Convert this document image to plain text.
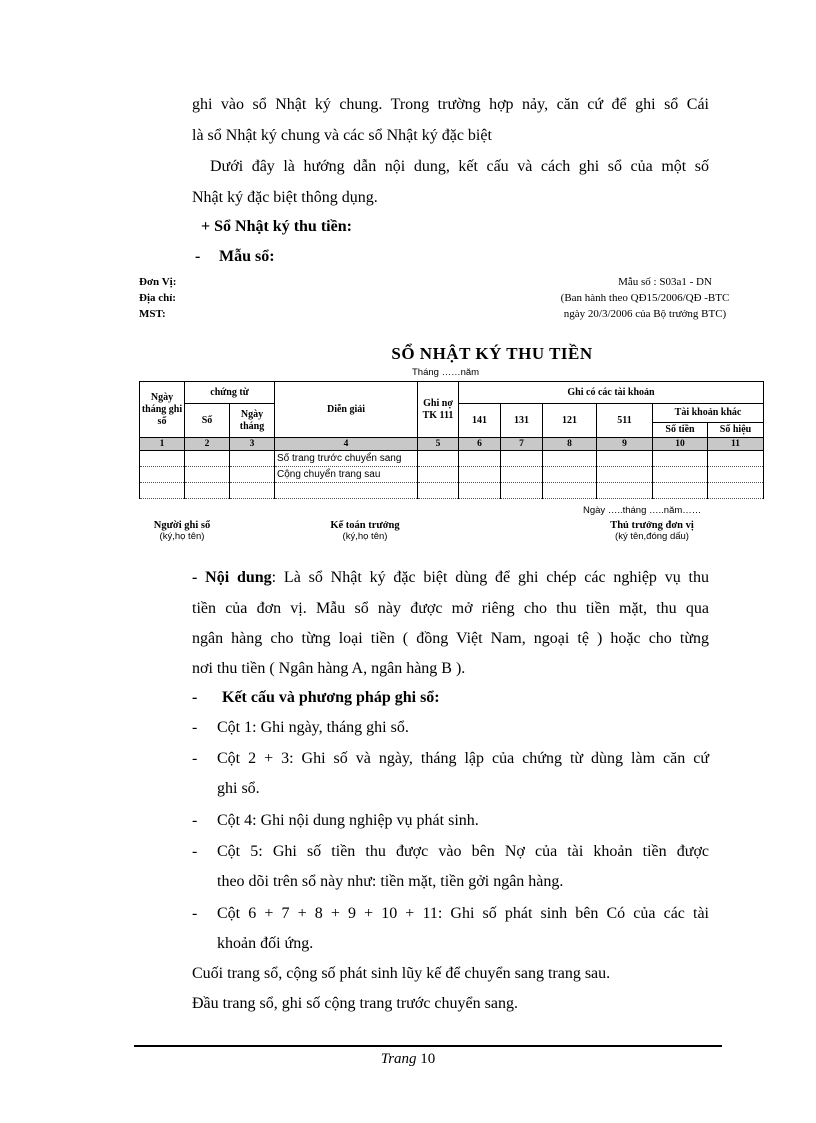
ghi vào sổ Nhật ký chung. Trong trường hợp nảy, căn cứ để ghi sổ Cái
là sổ Nhật ký chung và các sổ Nhật ký đặc biệt
Dưới đây là hướng dẫn nội dung, kết cấu và cách ghi sổ của một số
Nhật ký đặc biệt thông dụng.
+ Sổ Nhật ký thu tiền:
- Mẫu sổ:
Đơn Vị:
Địa chỉ:
MST:
Mẫu số : S03a1 - DN
(Ban hành theo QĐ15/2006/QĐ -BTC
ngày 20/3/2006 của Bộ trưởng BTC)
SỔ NHẬT KÝ THU TIỀN
Tháng ……năm
Ngày tháng ghi sổ	chứng từ		Diễn giải	Ghi nợ TK 111	Ghi có các tài khoản					
	Số	Ngày tháng			141	131	121	511	Tài khoản khác	
									Số tiền	Số hiệu
1	2	3	4	5	6	7	8	9	10	11
			Số trang trước chuyển sang							
			Cộng chuyển trang sau							

Ngày …..tháng …..năm……
Người ghi sổ
(ký,họ tên)
Kế toán trưởng
(ký,họ tên)
Thủ trưởng đơn vị
(ký tên,đóng dấu)
- Nội dung: Là sổ Nhật ký đặc biệt dùng để ghi chép các nghiệp vụ thu
tiền của đơn vị. Mẫu sổ này được mở riêng cho thu tiền mặt, thu qua
ngân hàng cho từng loại tiền ( đồng Việt Nam, ngoại tệ ) hoặc cho từng
nơi thu tiền ( Ngân hàng A, ngân hàng B ).
- Kết cấu và phương pháp ghi sổ:
- Cột 1: Ghi ngày, tháng ghi sổ.
- Cột 2 + 3: Ghi số và ngày, tháng lập của chứng từ dùng làm căn cứ
ghi sổ.
- Cột 4: Ghi nội dung nghiệp vụ phát sinh.
- Cột 5: Ghi số tiền thu được vào bên Nợ của tài khoản tiền được
theo dõi trên sổ này như: tiền mặt, tiền gởi ngân hàng.
- Cột 6 + 7 + 8 + 9 + 10 + 11: Ghi số phát sinh bên Có của các tài
khoản đối ứng.
Cuối trang sổ, cộng số phát sinh lũy kế để chuyển sang trang sau.
Đầu trang sổ, ghi số cộng trang trước chuyển sang.
Trang 10
